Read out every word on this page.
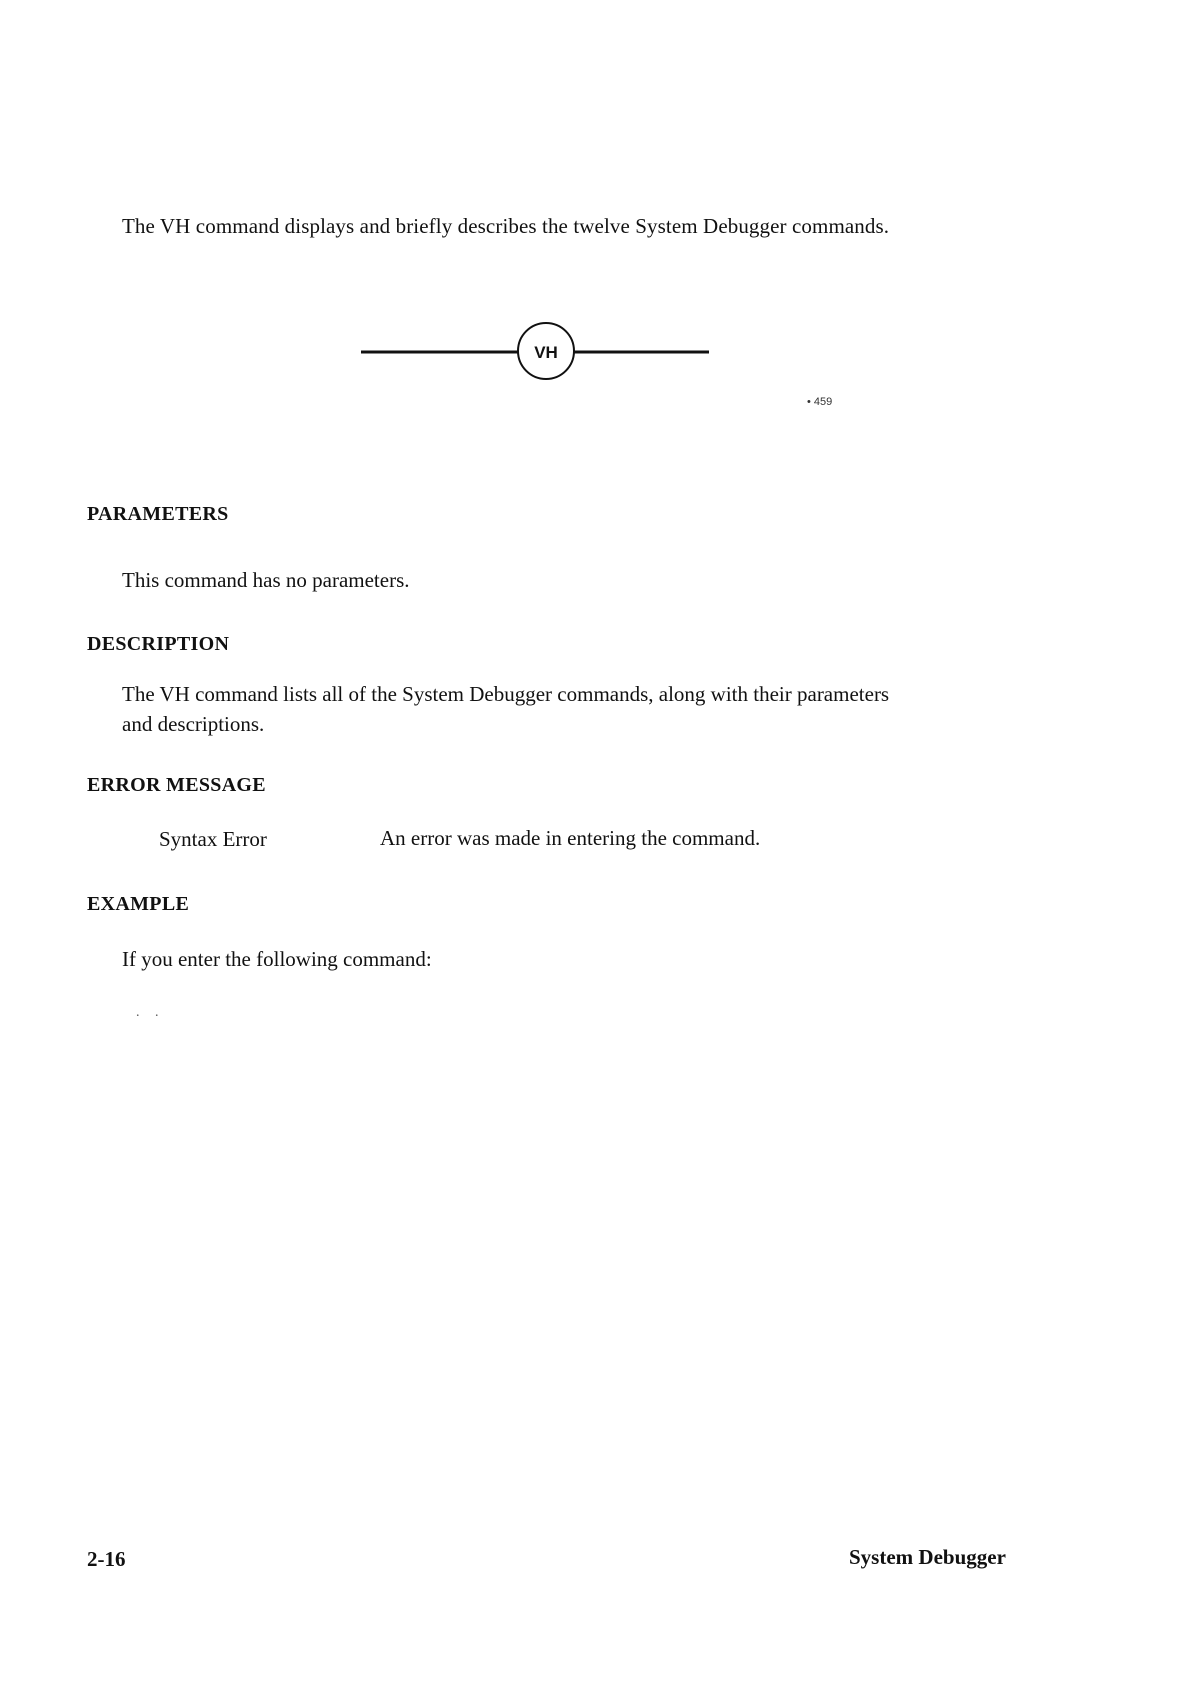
The VH command displays and briefly describes the twelve System Debugger commands.
VH
• 459
PARAMETERS
This command has no parameters.
DESCRIPTION
The VH command lists all of the System Debugger commands, along with their parameters
and descriptions.
ERROR MESSAGE
Syntax Error	An error was made in entering the command.
EXAMPLE
If you enter the following command:
. .
2-16	System Debugger
